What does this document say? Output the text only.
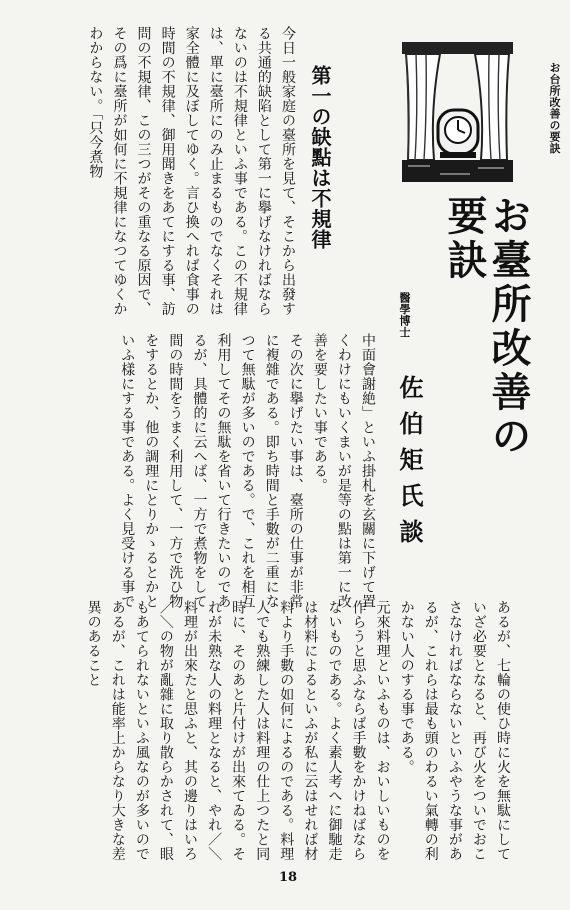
お台所改善の要訣
お臺所改善の要訣
醫學博士
佐伯矩氏談
第一の缺點は不規律
今日一般家庭の臺所を見て、そこから出發する共通的缺陷として第一に擧げなければならないのは不規律といふ事である。この不規律は、單に臺所にのみ止まるものでなくそれは家全體に及ぼしてゆく。言ひ換へれば食事の時間の不規律、御用聞きをあてにする事、訪問の不規律、この三つがその重なる原因で、その爲に臺所が如何に不規律になつてゆくかわからない。「只今煮物
中面會謝絶」といふ掛札を玄關に下げて置くわけにもいくまいが是等の點は第一に改善を要したい事である。
その次に擧げたい事は、臺所の仕事が非常に複雜である。即ち時間と手數が二重になつて無駄が多いのである。で、これを相互利用してその無駄を省いて行きたいのであるが、具體的に云へば、一方で煮物をして間の時間をうまく利用して、一方で洗ひ物をするとか、他の調理にとりかゝるとかといふ樣にする事である。よく見受ける事で
あるが、七輪の使ひ時に火を無駄にしていざ必要となると、再び火をついでおこさなければならないといふやうな事があるが、これらは最も頭のわるい氣轉の利かない人のする事である。
元來料理といふものは、おいしいものを作らうと思ふならば手數をかけねばならないものである。よく素人考へに御馳走は材料によるといふが私に云はせれば材料より手數の如何によるのである。料理人でも熟練した人は料理の仕上つたと同時に、そのあと片付けが出來てゐる。それが未熟な人の料理となると、やれ／＼料理が出來たと思ふと、其の邊りはいろ／＼の物が亂雜に取り散らかされて、眼もあてられないといふ風なのが多いのであるが、これは能率上からなり大きな差異のあること
18
